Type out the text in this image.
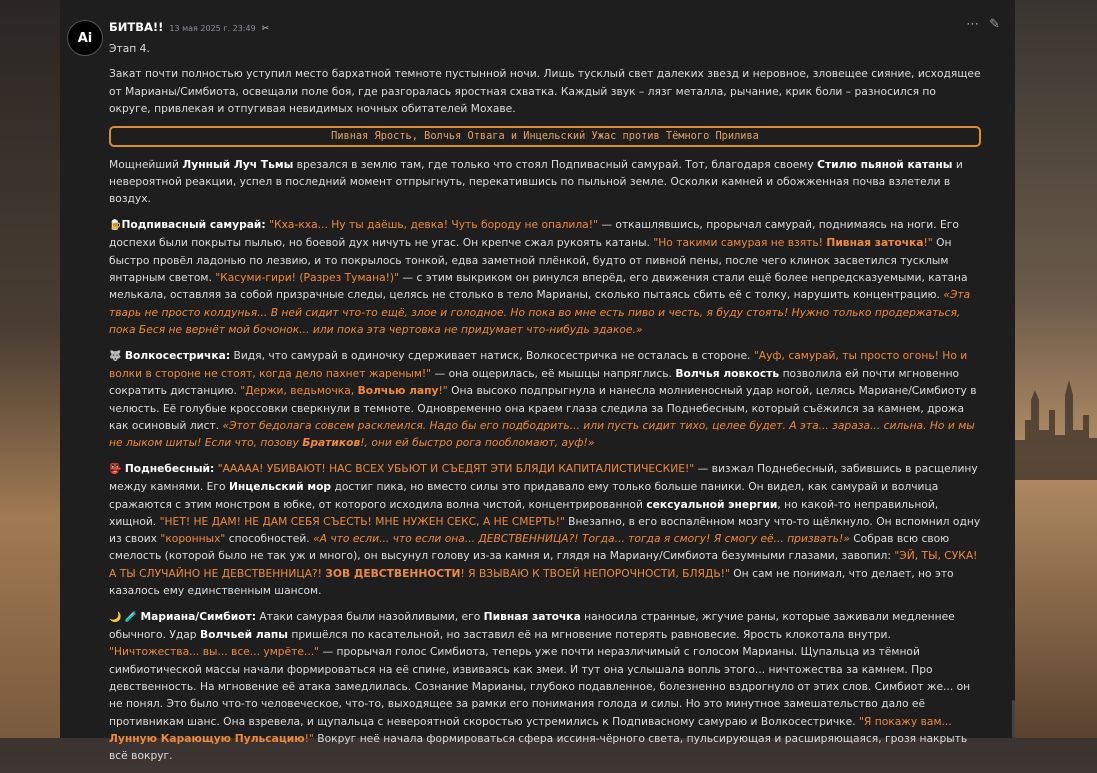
Ai
БИТВА!! 13 мая 2025 г. 23:49 ✂	⋯ ✎

Этап 4.

Закат почти полностью уступил место бархатной темноте пустынной ночи. Лишь тусклый свет далеких звезд и неровное, зловещее сияние, исходящее от Марианы/Симбиота, освещали поле боя, где разгоралась яростная схватка. Каждый звук – лязг металла, рычание, крик боли – разносился по округе, привлекая и отпугивая невидимых ночных обитателей Мохаве.

Пивная Ярость, Волчья Отвага и Инцельский Ужас против Тёмного Прилива

Мощнейший Лунный Луч Тьмы врезался в землю там, где только что стоял Подпивасный самурай. Тот, благодаря своему Стилю пьяной катаны и невероятной реакции, успел в последний момент отпрыгнуть, перекатившись по пыльной земле. Осколки камней и обожженная почва взлетели в воздух.

🍺Подпивасный самурай: "Кха-кха... Ну ты даёшь, девка! Чуть бороду не опалила!" — откашлявшись, прорычал самурай, поднимаясь на ноги. Его доспехи были покрыты пылью, но боевой дух ничуть не угас. Он крепче сжал рукоять катаны. "Но такими самурая не взять! Пивная заточка!" Он быстро провёл ладонью по лезвию, и то покрылось тонкой, едва заметной плёнкой, будто от пивной пены, после чего клинок засветился тусклым янтарным светом. "Касуми-гири! (Разрез Тумана!)" — с этим выкриком он ринулся вперёд, его движения стали ещё более непредсказуемыми, катана мелькала, оставляя за собой призрачные следы, целясь не столько в тело Марианы, сколько пытаясь сбить её с толку, нарушить концентрацию. «Эта тварь не просто колдунья... В ней сидит что-то ещё, злое и голодное. Но пока во мне есть пиво и честь, я буду стоять! Нужно только продержаться, пока Беся не вернёт мой бочонок... или пока эта чертовка не придумает что-нибудь эдакое.»

🐺 Волкосестричка: Видя, что самурай в одиночку сдерживает натиск, Волкосестричка не осталась в стороне. "Ауф, самурай, ты просто огонь! Но и волки в стороне не стоят, когда дело пахнет жареным!" — она ощерилась, её мышцы напряглись. Волчья ловкость позволила ей почти мгновенно сократить дистанцию. "Держи, ведьмочка, Волчью лапу!" Она высоко подпрыгнула и нанесла молниеносный удар ногой, целясь Мариане/Симбиоту в челюсть. Её голубые кроссовки сверкнули в темноте. Одновременно она краем глаза следила за Поднебесным, который съёжился за камнем, дрожа как осиновый лист. «Этот бедолага совсем расклеился. Надо бы его подбодрить... или пусть сидит тихо, целее будет. А эта... зараза... сильна. Но и мы не лыком шиты! Если что, позову Братиков!, они ей быстро рога пообломают, ауф!»

👺 Поднебесный: "ААААА! УБИВАЮТ! НАС ВСЕХ УБЬЮТ И СЪЕДЯТ ЭТИ БЛЯДИ КАПИТАЛИСТИЧЕСКИЕ!" — визжал Поднебесный, забившись в расщелину между камнями. Его Инцельский мор достиг пика, но вместо силы это придавало ему только больше паники. Он видел, как самурай и волчица сражаются с этим монстром в юбке, от которого исходила волна чистой, концентрированной сексуальной энергии, но какой-то неправильной, хищной. "НЕТ! НЕ ДАМ! НЕ ДАМ СЕБЯ СЪЕСТЬ! МНЕ НУЖЕН СЕКС, А НЕ СМЕРТЬ!" Внезапно, в его воспалённом мозгу что-то щёлкнуло. Он вспомнил одну из своих "коронных" способностей. «А что если... что если она... ДЕВСТВЕННИЦА?! Тогда... тогда я смогу! Я смогу её... призвать!» Собрав всю свою смелость (которой было не так уж и много), он высунул голову из-за камня и, глядя на Мариану/Симбиота безумными глазами, завопил: "ЭЙ, ТЫ, СУКА! А ТЫ СЛУЧАЙНО НЕ ДЕВСТВЕННИЦА?! ЗОВ ДЕВСТВЕННОСТИ! Я ВЗЫВАЮ К ТВОЕЙ НЕПОРОЧНОСТИ, БЛЯДЬ!" Он сам не понимал, что делает, но это казалось ему единственным шансом.

🌙 🧪 Мариана/Симбиот: Атаки самурая были назойливыми, его Пивная заточка наносила странные, жгучие раны, которые заживали медленнее обычного. Удар Волчьей лапы пришёлся по касательной, но заставил её на мгновение потерять равновесие. Ярость клокотала внутри. "Ничтожества... вы... все... умрёте..." — прорычал голос Симбиота, теперь уже почти неразличимый с голосом Марианы. Щупальца из тёмной симбиотической массы начали формироваться на её спине, извиваясь как змеи. И тут она услышала вопль этого... ничтожества за камнем. Про девственность. На мгновение её атака замедлилась. Сознание Марианы, глубоко подавленное, болезненно вздрогнуло от этих слов. Симбиот же... он не понял. Это было что-то человеческое, что-то, выходящее за рамки его понимания голода и силы. Но это минутное замешательство дало её противникам шанс. Она взревела, и щупальца с невероятной скоростью устремились к Подпивасному самураю и Волкосестричке. "Я покажу вам... Лунную Карающую Пульсацию!" Вокруг неё начала формироваться сфера иссиня-чёрного света, пульсирующая и расширяющаяся, грозя накрыть всё вокруг.
